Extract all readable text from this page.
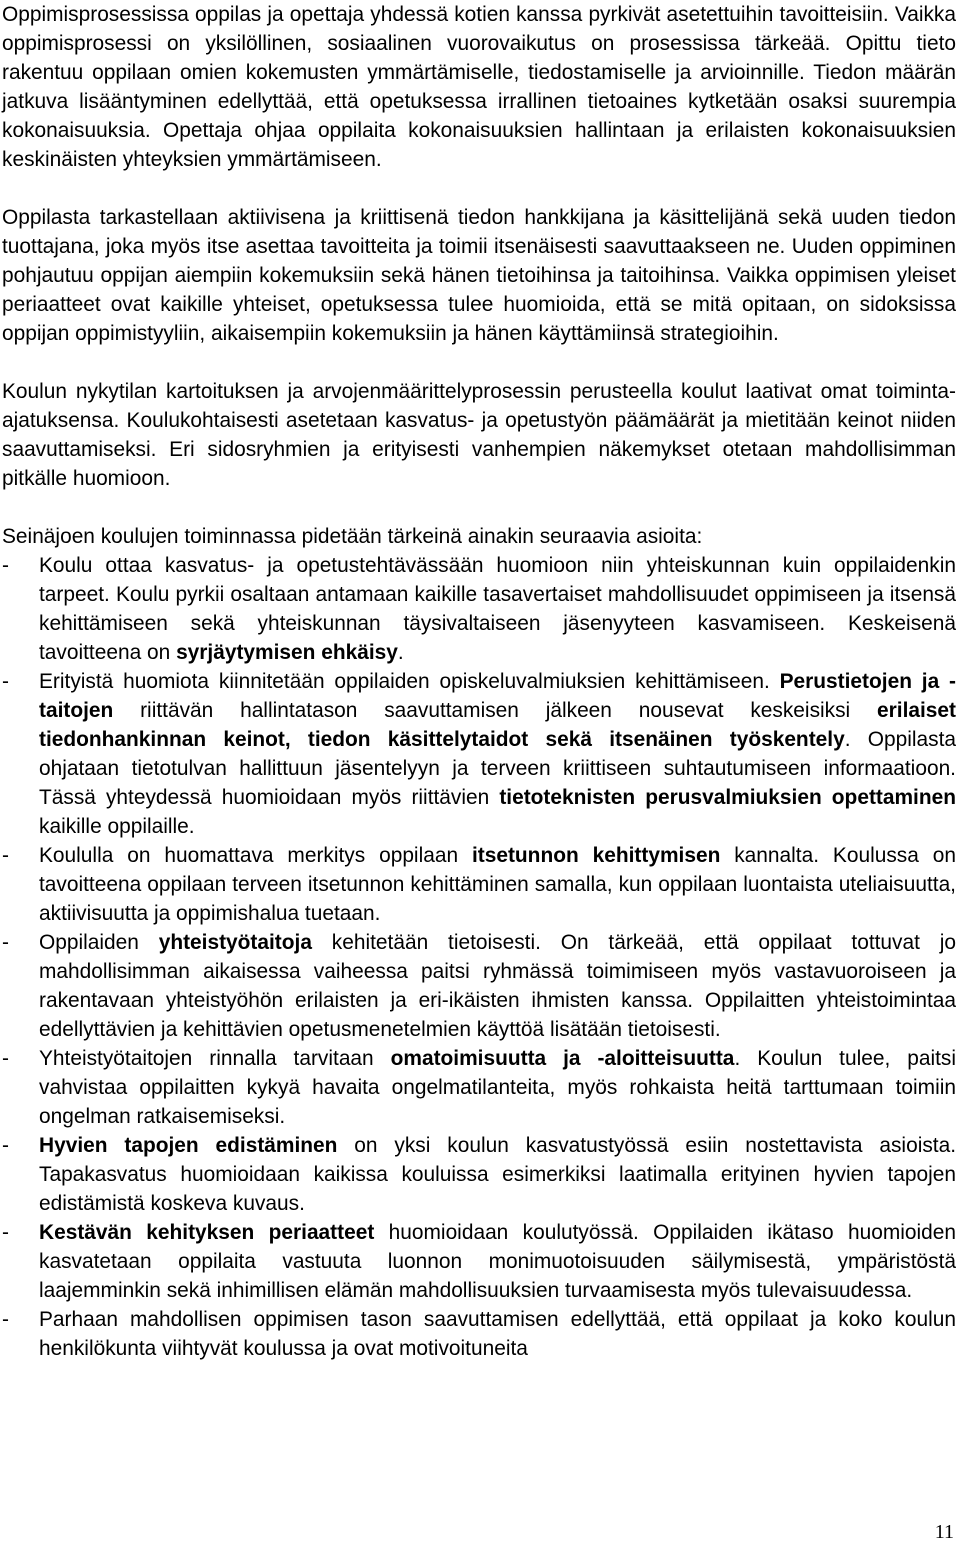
Oppimisprosessissa oppilas ja opettaja yhdessä kotien kanssa pyrkivät asetettuihin tavoitteisiin. Vaikka oppimisprosessi on yksilöllinen, sosiaalinen vuorovaikutus on prosessissa tärkeää. Opittu tieto rakentuu oppilaan omien kokemusten ymmärtämiselle, tiedostamiselle ja arvioinnille. Tiedon määrän jatkuva lisääntyminen edellyttää, että opetuksessa irrallinen tietoaines kytketään osaksi suurempia kokonaisuuksia. Opettaja ohjaa oppilaita kokonaisuuksien hallintaan ja erilaisten kokonaisuuksien keskinäisten yhteyksien ymmärtämiseen.

Oppilasta tarkastellaan aktiivisena ja kriittisenä tiedon hankkijana ja käsittelijänä sekä uuden tiedon tuottajana, joka myös itse asettaa tavoitteita ja toimii itsenäisesti saavuttaakseen ne. Uuden oppiminen pohjautuu oppijan aiempiin kokemuksiin sekä hänen tietoihinsa ja taitoihinsa. Vaikka oppimisen yleiset periaatteet ovat kaikille yhteiset, opetuksessa tulee huomioida, että se mitä opitaan, on sidoksissa oppijan oppimistyyliin, aikaisempiin kokemuksiin ja hänen käyttämiinsä strategioihin.

Koulun nykytilan kartoituksen ja arvojenmäärittelyprosessin perusteella koulut laativat omat toiminta-ajatuksensa. Koulukohtaisesti asetetaan kasvatus- ja opetustyön päämäärät ja mietitään keinot niiden saavuttamiseksi. Eri sidosryhmien ja erityisesti vanhempien näkemykset otetaan mahdollisimman pitkälle huomioon.

Seinäjoen koulujen toiminnassa pidetään tärkeinä ainakin seuraavia asioita:

- Koulu ottaa kasvatus- ja opetustehtävässään huomioon niin yhteiskunnan kuin oppilaidenkin tarpeet. Koulu pyrkii osaltaan antamaan kaikille tasavertaiset mahdollisuudet oppimiseen ja itsensä kehittämiseen sekä yhteiskunnan täysivaltaiseen jäsenyyteen kasvamiseen. Keskeisenä tavoitteena on syrjäytymisen ehkäisy.
- Erityistä huomiota kiinnitetään oppilaiden opiskeluvalmiuksien kehittämiseen. Perustietojen ja -taitojen riittävän hallintatason saavuttamisen jälkeen nousevat keskeisiksi erilaiset tiedonhankinnan keinot, tiedon käsittelytaidot sekä itsenäinen työskentely. Oppilasta ohjataan tietotulvan hallittuun jäsentelyyn ja terveen kriittiseen suhtautumiseen informaatioon. Tässä yhteydessä huomioidaan myös riittävien tietoteknisten perusvalmiuksien opettaminen kaikille oppilaille.
- Koululla on huomattava merkitys oppilaan itsetunnon kehittymisen kannalta. Koulussa on tavoitteena oppilaan terveen itsetunnon kehittäminen samalla, kun oppilaan luontaista uteliaisuutta, aktiivisuutta ja oppimishalua tuetaan.
- Oppilaiden yhteistyötaitoja kehitetään tietoisesti. On tärkeää, että oppilaat tottuvat jo mahdollisimman aikaisessa vaiheessa paitsi ryhmässä toimimiseen myös vastavuoroiseen ja rakentavaan yhteistyöhön erilaisten ja eri-ikäisten ihmisten kanssa. Oppilaitten yhteistoimintaa edellyttävien ja kehittävien opetusmenetelmien käyttöä lisätään tietoisesti.
- Yhteistyötaitojen rinnalla tarvitaan omatoimisuutta ja -aloitteisuutta. Koulun tulee, paitsi vahvistaa oppilaitten kykyä havaita ongelmatilanteita, myös rohkaista heitä tarttumaan toimiin ongelman ratkaisemiseksi.
- Hyvien tapojen edistäminen on yksi koulun kasvatustyössä esiin nostettavista asioista. Tapakasvatus huomioidaan kaikissa kouluissa esimerkiksi laatimalla erityinen hyvien tapojen edistämistä koskeva kuvaus.
- Kestävän kehityksen periaatteet huomioidaan koulutyössä. Oppilaiden ikätaso huomioiden kasvatetaan oppilaita vastuuta luonnon monimuotoisuuden säilymisestä, ympäristöstä laajemminkin sekä inhimillisen elämän mahdollisuuksien turvaamisesta myös tulevaisuudessa.
- Parhaan mahdollisen oppimisen tason saavuttamisen edellyttää, että oppilaat ja koko koulun henkilökunta viihtyvät koulussa ja ovat motivoituneita
11
